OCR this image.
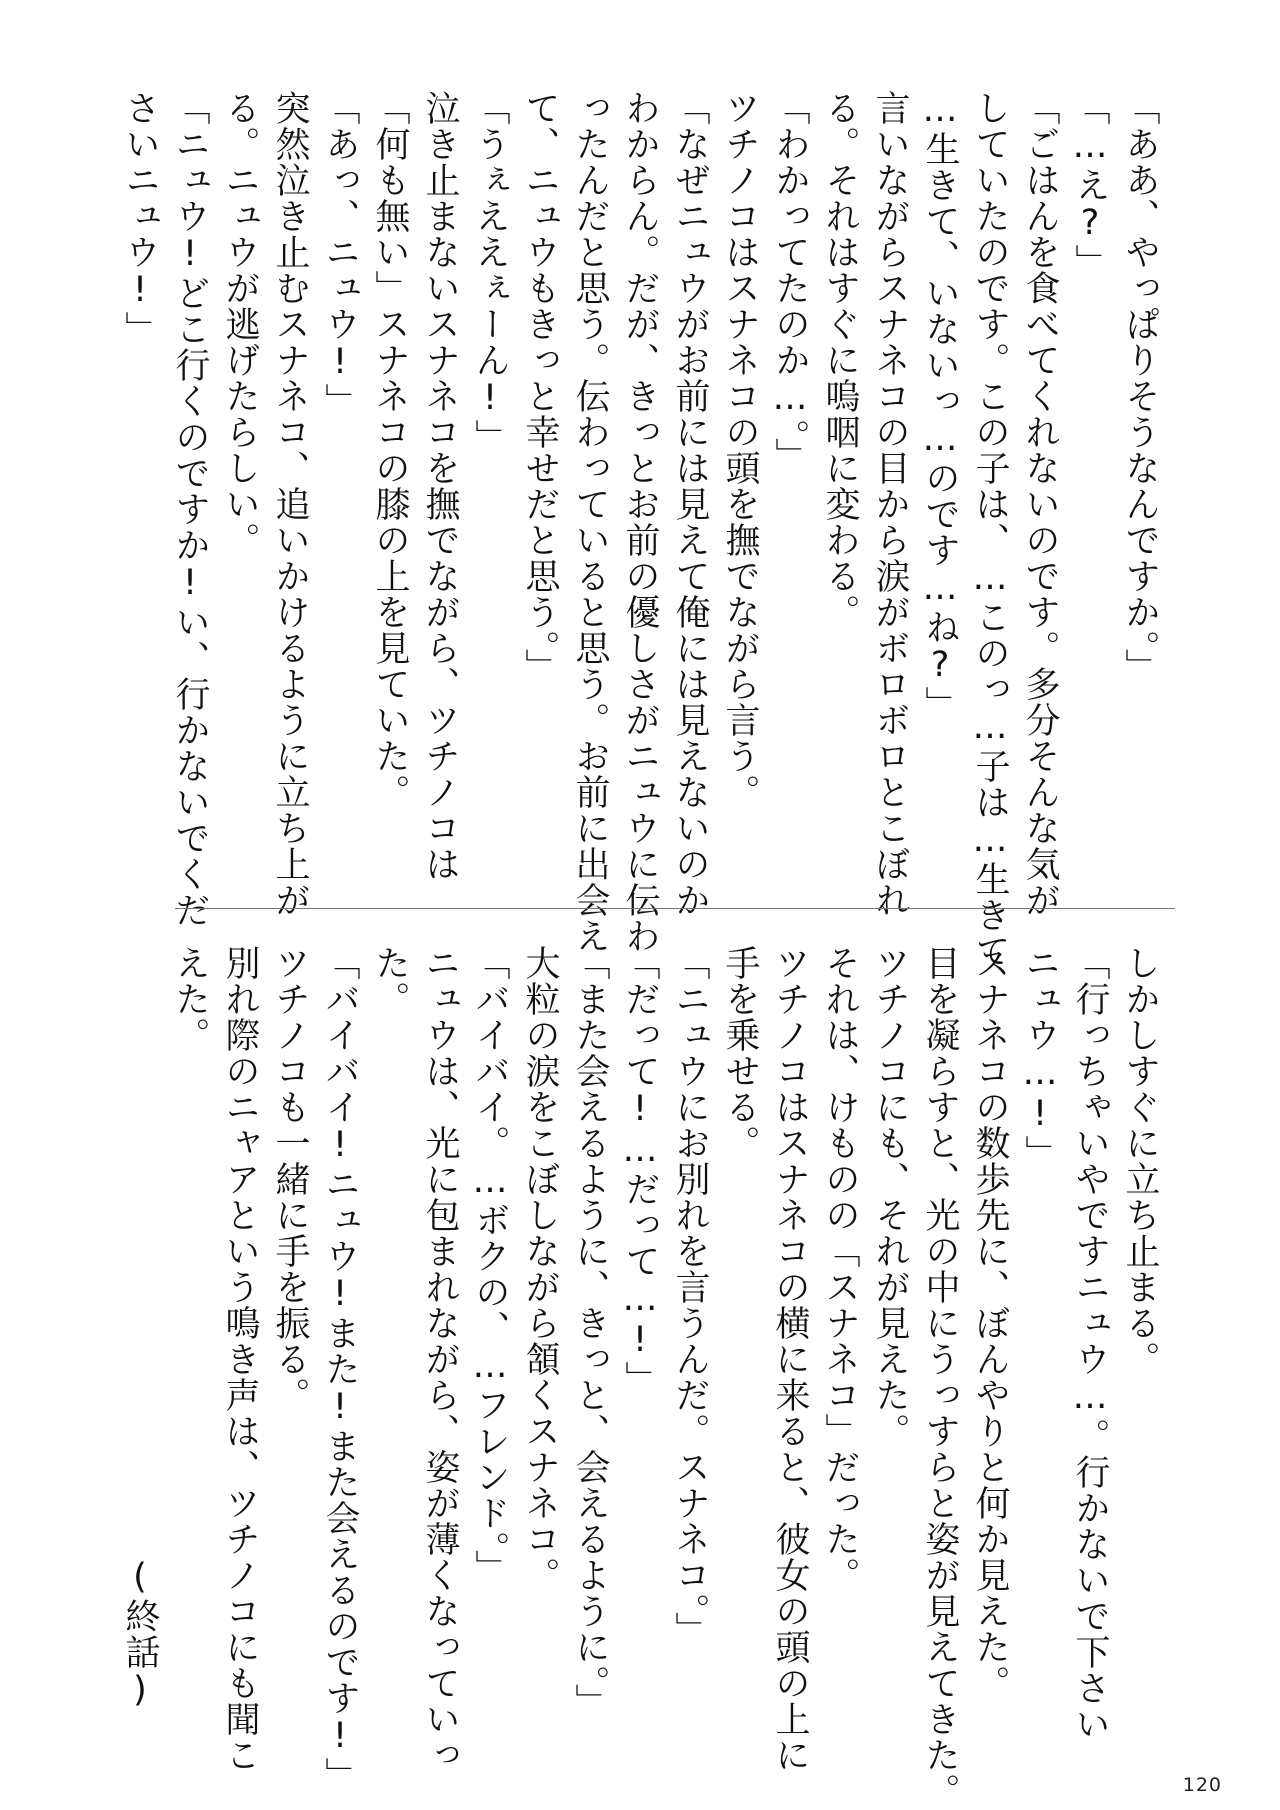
「ああ、やっぱりそうなんですか。」
「…え?」
「ごはんを食べてくれないのです。多分そんな気が
していたのです。この子は、…このっ…子は…生きて
…生きて、いないっ…のです…ね?」
言いながらスナネコの目から涙がボロボロとこぼれ
る。それはすぐに嗚咽に変わる。
「わかってたのか…。」
ツチノコはスナネコの頭を撫でながら言う。
「なぜニュウがお前には見えて俺には見えないのか
わからん。だが、きっとお前の優しさがニュウに伝わ
ったんだと思う。伝わっていると思う。お前に出会え
て、ニュウもきっと幸せだと思う。」
「うぇええぇーん!」
泣き止まないスナネコを撫でながら、ツチノコは
「何も無い」スナネコの膝の上を見ていた。
「あっ、ニュウ!」
突然泣き止むスナネコ、追いかけるように立ち上が
る。ニュウが逃げたらしい。
「ニュウ!どこ行くのですか!い、行かないでくだ
さいニュウ!」
しかしすぐに立ち止まる。
「行っちゃいやですニュウ…。行かないで下さい
ニュウ…!」
スナネコの数歩先に、ぼんやりと何か見えた。
目を凝らすと、光の中にうっすらと姿が見えてきた。
ツチノコにも、それが見えた。
それは、けものの「スナネコ」だった。
ツチノコはスナネコの横に来ると、彼女の頭の上に
手を乗せる。
「ニュウにお別れを言うんだ。スナネコ。」
「だって!…だって…!」
「また会えるように、きっと、会えるように。」
大粒の涙をこぼしながら頷くスナネコ。
「バイバイ。…ボクの、…フレンド。」
ニュウは、光に包まれながら、姿が薄くなっていっ
た。
「バイバイ!ニュウ!また!また会えるのです!」
ツチノコも一緒に手を振る。
別れ際のニャアという鳴き声は、ツチノコにも聞こ
えた。
　　　　　　　　　　　　　　　　　(終話)
120
